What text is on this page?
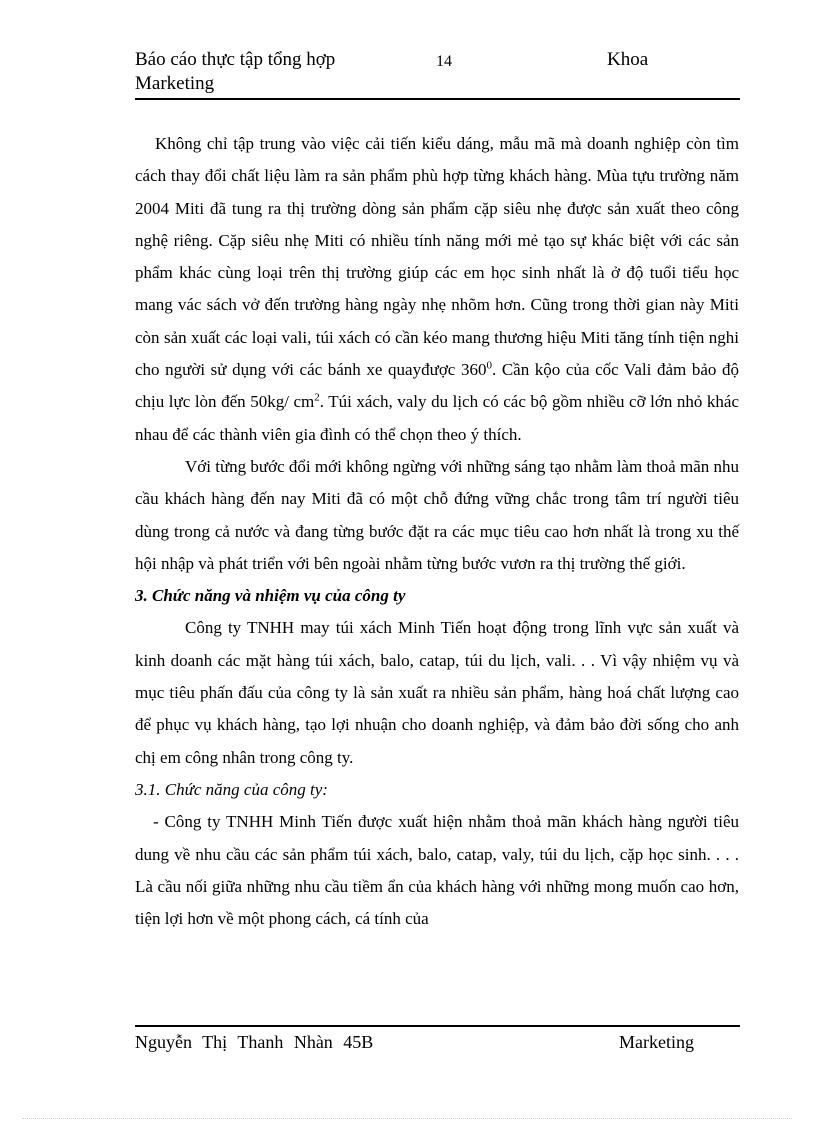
Báo cáo thực tập tổng hợp Marketing
14	Khoa

Không chỉ tập trung vào việc cải tiến kiểu dáng, mẫu mã mà doanh nghiệp còn tìm cách thay đổi chất liệu làm ra sản phẩm phù hợp từng khách hàng. Mùa tựu trường năm 2004 Miti đã tung ra thị trường dòng sản phẩm cặp siêu nhẹ được sản xuất theo công nghệ riêng. Cặp siêu nhẹ Miti có nhiều tính năng mới mẻ tạo sự khác biệt với các sản phẩm khác cùng loại trên thị trường giúp các em học sinh nhất là ở độ tuổi tiểu học mang vác sách vở đến trường hàng ngày nhẹ nhõm hơn. Cũng trong thời gian này Miti còn sản xuất các loại vali, túi xách có cần kéo mang thương hiệu Miti tăng tính tiện nghi cho người sử dụng với các bánh xe quayđược $360^0$. Cần kộo của cốc Vali đảm bảo độ chịu lực lòn đến 50kg/ $cm^2$. Túi xách, valy du lịch có các bộ gồm nhiều cỡ lớn nhỏ khác nhau để các thành viên gia đình có thể chọn theo ý thích.

Với từng bước đổi mới không ngừng với những sáng tạo nhằm làm thoả mãn nhu cầu khách hàng đến nay Miti đã có một chỗ đứng vững chắc trong tâm trí người tiêu dùng trong cả nước và đang từng bước đặt ra các mục tiêu cao hơn nhất là trong xu thế hội nhập và phát triển với bên ngoài nhằm từng bước vươn ra thị trường thế giới.

3. Chức năng và nhiệm vụ của công ty

Công ty TNHH may túi xách Minh Tiến hoạt động trong lĩnh vực sản xuất và kinh doanh các mặt hàng túi xách, balo, catap, túi du lịch, vali. . . Vì vậy nhiệm vụ và mục tiêu phấn đấu của công ty là sản xuất ra nhiều sản phẩm, hàng hoá chất lượng cao để phục vụ khách hàng, tạo lợi nhuận cho doanh nghiệp, và đảm bảo đời sống cho anh chị em công nhân trong công ty.

3.1. Chức năng của công ty:

- Công ty TNHH Minh Tiến được xuất hiện nhằm thoả mãn khách hàng người tiêu dung về nhu cầu các sản phẩm túi xách, balo, catap, valy, túi du lịch, cặp học sinh. . . . Là cầu nối giữa những nhu cầu tiềm ẩn của khách hàng với những mong muốn cao hơn, tiện lợi hơn về một phong cách, cá tính của

Nguyễn Thị Thanh Nhàn 45B	Marketing
